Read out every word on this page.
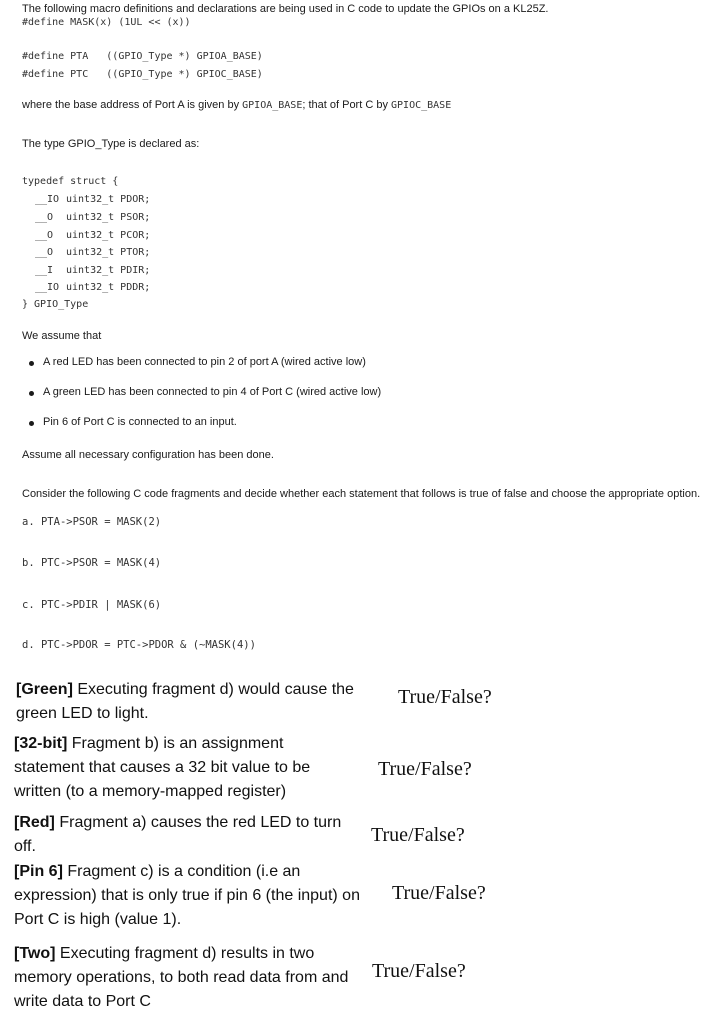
The following macro definitions and declarations are being used in C code to update the GPIOs on a KL25Z.
#define MASK(x) (1UL << (x))
#define PTA   ((GPIO_Type *) GPIOA_BASE)
#define PTC   ((GPIO_Type *) GPIOC_BASE)
where the base address of Port A is given by GPIOA_BASE; that of Port C by GPIOC_BASE
The type GPIO_Type is declared as:
typedef struct {
__IO uint32_t PDOR;
__O uint32_t PSOR;
__O uint32_t PCOR;
__O uint32_t PTOR;
__I uint32_t PDIR;
__IO uint32_t PDDR;
} GPIO_Type
We assume that
A red LED has been connected to pin 2 of port A (wired active low)
A green LED has been connected to pin 4 of Port C (wired active low)
Pin 6 of Port C is connected to an input.
Assume all necessary configuration has been done.
Consider the following C code fragments and decide whether each statement that follows is true of false and choose the appropriate option.
a. PTA->PSOR = MASK(2)
b. PTC->PSOR = MASK(4)
c. PTC->PDIR | MASK(6)
d. PTC->PDOR = PTC->PDOR & (~MASK(4))
[Green] Executing fragment d) would cause the green LED to light.
True/False?
[32-bit] Fragment b) is an assignment statement that causes a 32 bit value to be written (to a memory-mapped register)
True/False?
[Red] Fragment a) causes the red LED to turn off.
True/False?
[Pin 6] Fragment c) is a condition (i.e an expression) that is only true if pin 6 (the input) on Port C is high (value 1).
True/False?
[Two] Executing fragment d) results in two memory operations, to both read data from and write data to Port C
True/False?
